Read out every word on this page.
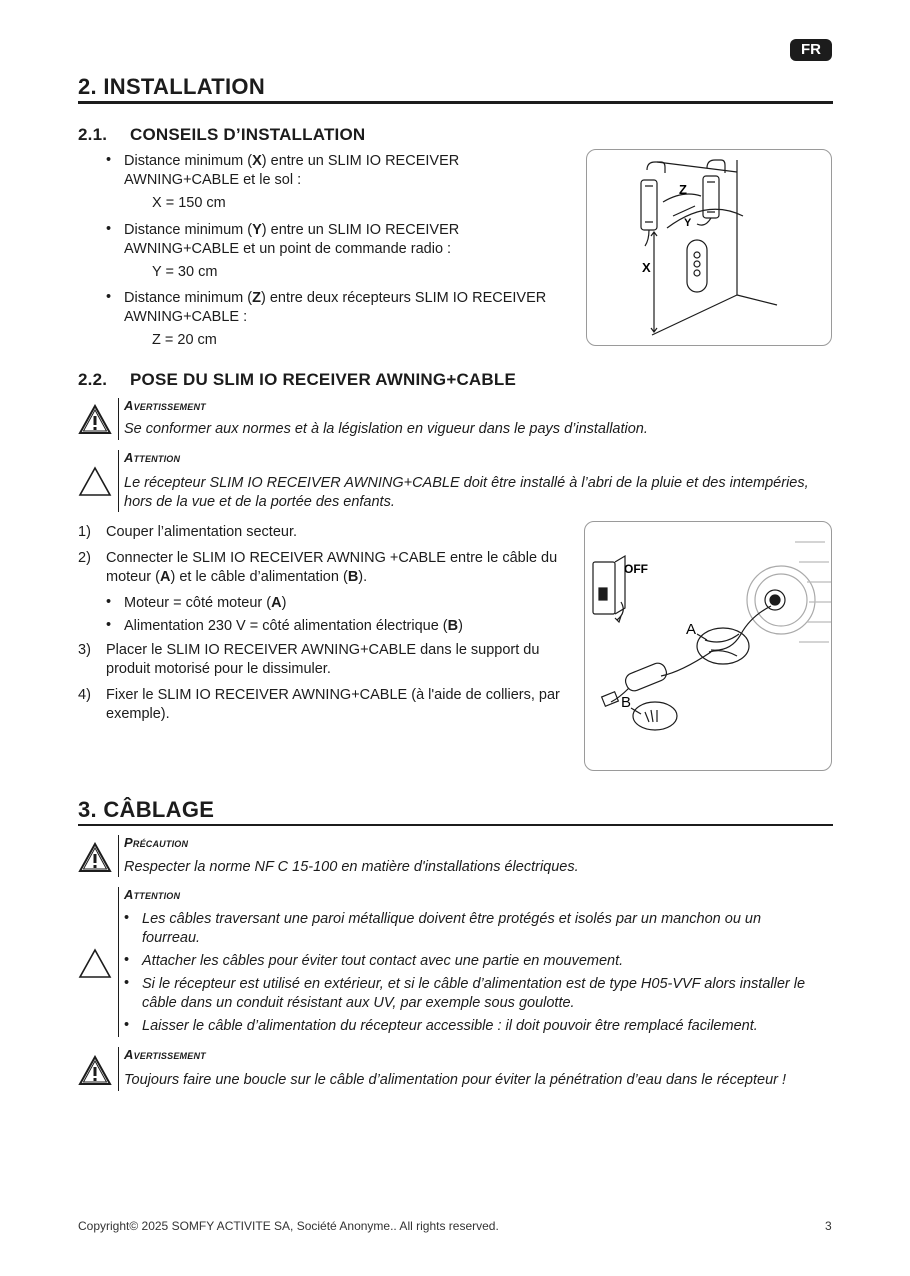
FR
2. INSTALLATION
2.1. CONSEILS D’INSTALLATION
• Distance minimum (X) entre un SLIM IO RECEIVER
AWNING+CABLE et le sol :
X = 150 cm
• Distance minimum (Y) entre un SLIM IO RECEIVER
AWNING+CABLE et un point de commande radio :
Y = 30 cm
• Distance minimum (Z) entre deux récepteurs SLIM IO RECEIVER
AWNING+CABLE :
Z = 20 cm
Z
Y
X
2.2. POSE DU SLIM IO RECEIVER AWNING+CABLE
Avertissement
Se conformer aux normes et à la législation en vigueur dans le pays d’installation.
Attention
Le récepteur SLIM IO RECEIVER AWNING+CABLE doit être installé à l’abri de la pluie et des intempéries,
hors de la vue et de la portée des enfants.
1) Couper l’alimentation secteur.
2) Connecter le SLIM IO RECEIVER AWNING +CABLE entre le câble du
moteur (A) et le câble d’alimentation (B).
• Moteur = côté moteur (A)
• Alimentation 230 V = côté alimentation électrique (B)
3) Placer le SLIM IO RECEIVER AWNING+CABLE dans le support du
produit motorisé pour le dissimuler.
4) Fixer le SLIM IO RECEIVER AWNING+CABLE (à l'aide de colliers, par
exemple).
OFF
A
B
3. CÂBLAGE
Précaution
Respecter la norme NF C 15-100 en matière d'installations électriques.
Attention
• Les câbles traversant une paroi métallique doivent être protégés et isolés par un manchon ou un
fourreau.
• Attacher les câbles pour éviter tout contact avec une partie en mouvement.
• Si le récepteur est utilisé en extérieur, et si le câble d’alimentation est de type H05-VVF alors installer le
câble dans un conduit résistant aux UV, par exemple sous goulotte.
• Laisser le câble d’alimentation du récepteur accessible : il doit pouvoir être remplacé facilement.
Avertissement
Toujours faire une boucle sur le câble d’alimentation pour éviter la pénétration d’eau dans le récepteur !
Copyright© 2025 SOMFY ACTIVITE SA, Société Anonyme.. All rights reserved.	3
